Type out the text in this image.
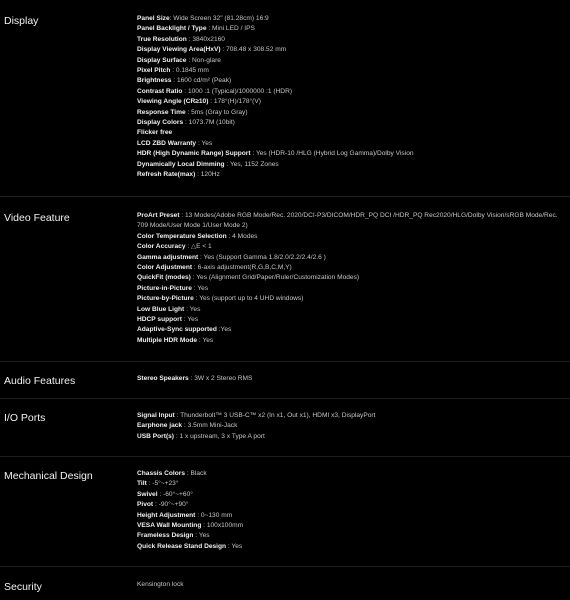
Display	Panel Size: Wide Screen 32" (81.28cm) 16:9
Panel Backlight / Type : Mini LED / IPS
True Resolution : 3840x2160
Display Viewing Area(HxV) : 708.48 x 308.52 mm
Display Surface : Non-glare
Pixel Pitch : 0.1845 mm
Brightness : 1600 cd/m² (Peak)
Contrast Ratio : 1000 :1 (Typical)/1000000 :1 (HDR)
Viewing Angle (CR≥10) : 178°(H)/178°(V)
Response Time : 5ms (Gray to Gray)
Display Colors : 1073.7M (10bit)
Flicker free
LCD ZBD Warranty : Yes
HDR (High Dynamic Range) Support : Yes (HDR-10 /HLG (Hybrid Log Gamma)/Dolby Vision
Dynamically Local Dimming : Yes, 1152 Zones
Refresh Rate(max) : 120Hz
Video Feature	ProArt Preset : 13 Modes(Adobe RGB Mode/Rec. 2020/DCI-P3/DICOM/HDR_PQ DCI /HDR_PQ Rec2020/HLG/Dolby Vision/sRGB Mode/Rec. 709 Mode/User Mode 1/User Mode 2)
Color Temperature Selection : 4 Modes
Color Accuracy : △E < 1
Gamma adjustment : Yes (Support Gamma 1.8/2.0/2.2/2.4/2.6 )
Color Adjustment : 6-axis adjustment(R,G,B,C,M,Y)
QuickFit (modes) : Yes (Alignment Grid/Paper/Ruler/Customization Modes)
Picture-in-Picture : Yes
Picture-by-Picture : Yes (support up to 4 UHD windows)
Low Blue Light : Yes
HDCP support : Yes
Adaptive-Sync supported :Yes
Multiple HDR Mode : Yes
Audio Features	Stereo Speakers : 3W x 2 Stereo RMS
I/O Ports	Signal Input : Thunderbolt™ 3 USB-C™ x2 (In x1, Out x1), HDMI x3, DisplayPort
Earphone jack : 3.5mm Mini-Jack
USB Port(s) : 1 x upstream, 3 x Type A port
Mechanical Design	Chassis Colors : Black
Tilt : -5°~+23°
Swivel : -60°~+60°
Pivot : -90°~+90°
Height Adjustment : 0~130 mm
VESA Wall Mounting : 100x100mm
Frameless Design : Yes
Quick Release Stand Design : Yes
Security	Kensington lock
